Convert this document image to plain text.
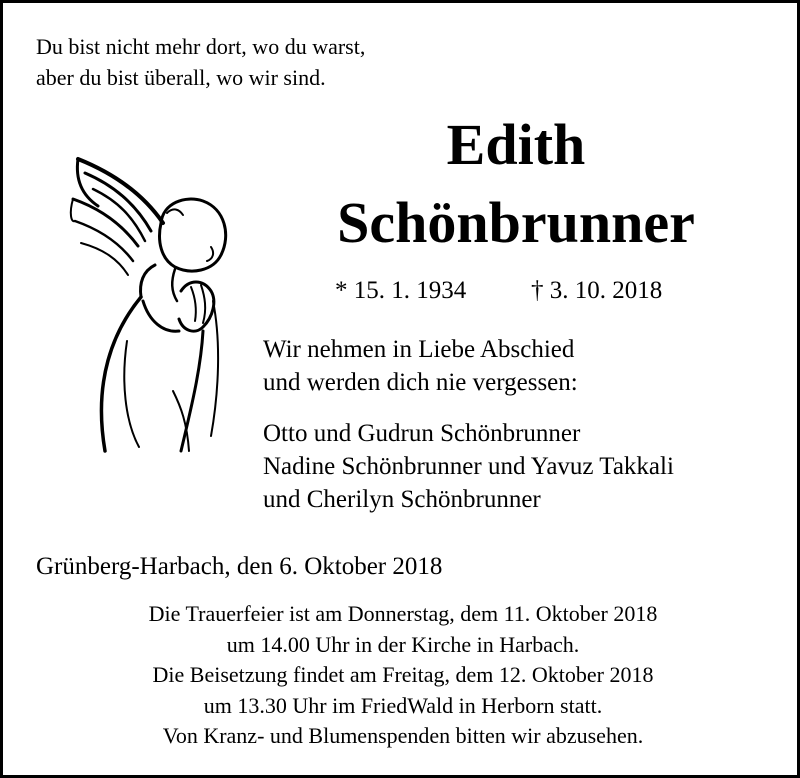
Du bist nicht mehr dort, wo du warst,
aber du bist überall, wo wir sind.
Edith
Schönbrunner
* 15. 1. 1934	† 3. 10. 2018
Wir nehmen in Liebe Abschied
und werden dich nie vergessen:
Otto und Gudrun Schönbrunner
Nadine Schönbrunner und Yavuz Takkali
und Cherilyn Schönbrunner
Grünberg-Harbach, den 6. Oktober 2018
Die Trauerfeier ist am Donnerstag, dem 11. Oktober 2018
um 14.00 Uhr in der Kirche in Harbach.
Die Beisetzung findet am Freitag, dem 12. Oktober 2018
um 13.30 Uhr im FriedWald in Herborn statt.
Von Kranz- und Blumenspenden bitten wir abzusehen.
